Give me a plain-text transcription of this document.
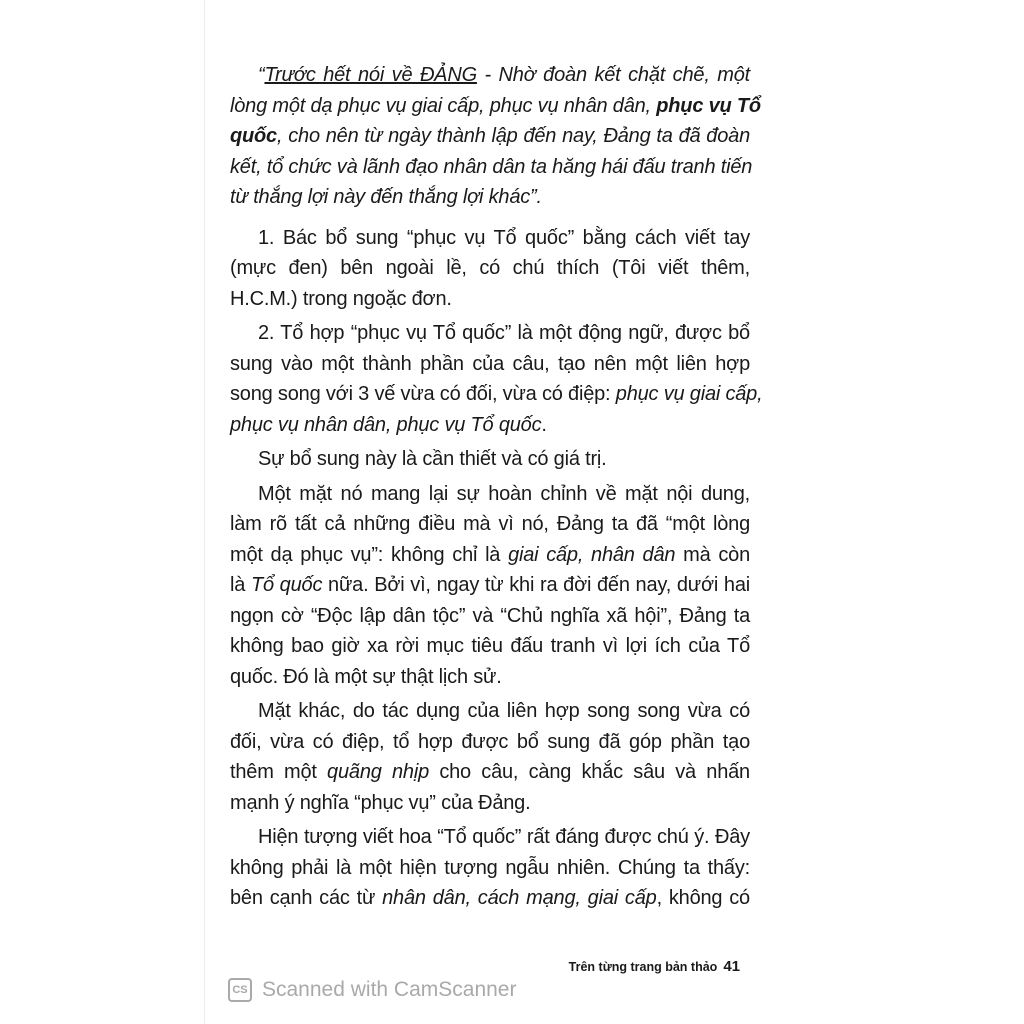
“Trước hết nói về ĐẢNG - Nhờ đoàn kết chặt chẽ, một
lòng một dạ phục vụ giai cấp, phục vụ nhân dân, phục vụ Tổ
quốc, cho nên từ ngày thành lập đến nay, Đảng ta đã đoàn
kết, tổ chức và lãnh đạo nhân dân ta hăng hái đấu tranh tiến
từ thắng lợi này đến thắng lợi khác”.

1. Bác bổ sung “phục vụ Tổ quốc” bằng cách viết tay
(mực đen) bên ngoài lề, có chú thích (Tôi viết thêm,
H.C.M.) trong ngoặc đơn.

2. Tổ hợp “phục vụ Tổ quốc” là một động ngữ, được bổ
sung vào một thành phần của câu, tạo nên một liên hợp
song song với 3 vế vừa có đối, vừa có điệp: phục vụ giai cấp,
phục vụ nhân dân, phục vụ Tổ quốc.

Sự bổ sung này là cần thiết và có giá trị.

Một mặt nó mang lại sự hoàn chỉnh về mặt nội dung,
làm rõ tất cả những điều mà vì nó, Đảng ta đã “một lòng
một dạ phục vụ”: không chỉ là giai cấp, nhân dân mà còn
là Tổ quốc nữa. Bởi vì, ngay từ khi ra đời đến nay, dưới hai
ngọn cờ “Độc lập dân tộc” và “Chủ nghĩa xã hội”, Đảng ta
không bao giờ xa rời mục tiêu đấu tranh vì lợi ích của Tổ
quốc. Đó là một sự thật lịch sử.

Mặt khác, do tác dụng của liên hợp song song vừa có
đối, vừa có điệp, tổ hợp được bổ sung đã góp phần tạo
thêm một quãng nhịp cho câu, càng khắc sâu và nhấn
mạnh ý nghĩa “phục vụ” của Đảng.

Hiện tượng viết hoa “Tổ quốc” rất đáng được chú ý. Đây
không phải là một hiện tượng ngẫu nhiên. Chúng ta thấy:
bên cạnh các từ nhân dân, cách mạng, giai cấp, không có

Trên từng trang bản thảo 41
CS Scanned with CamScanner
